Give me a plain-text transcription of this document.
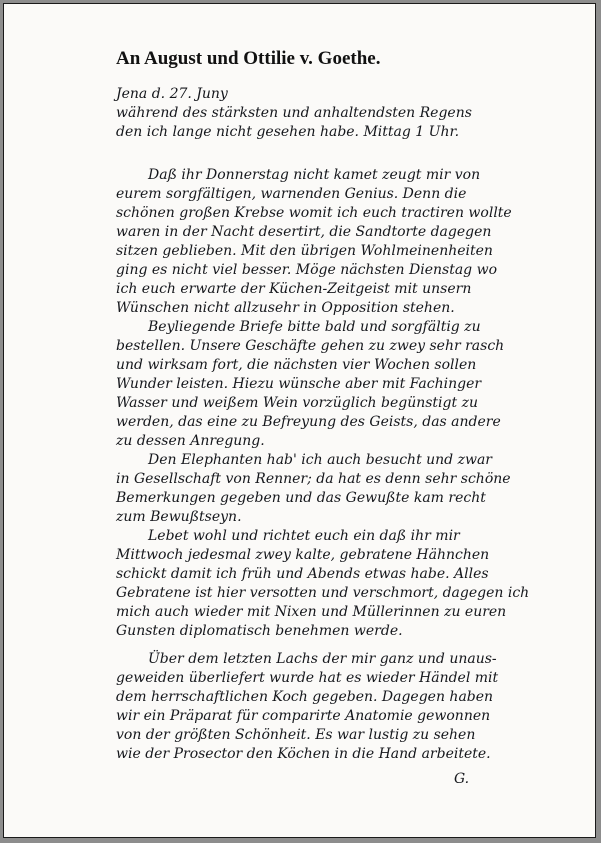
An August und Ottilie v. Goethe.
Jena d. 27. Juny
während des stärksten und anhaltendsten Regens
den ich lange nicht gesehen habe. Mittag 1 Uhr.
Daß ihr Donnerstag nicht kamet zeugt mir von
eurem sorgfältigen, warnenden Genius. Denn die
schönen großen Krebse womit ich euch tractiren wollte
waren in der Nacht desertirt, die Sandtorte dagegen
sitzen geblieben. Mit den übrigen Wohlmeinenheiten
ging es nicht viel besser. Möge nächsten Dienstag wo
ich euch erwarte der Küchen-Zeitgeist mit unsern
Wünschen nicht allzusehr in Opposition stehen.
Beyliegende Briefe bitte bald und sorgfältig zu
bestellen. Unsere Geschäfte gehen zu zwey sehr rasch
und wirksam fort, die nächsten vier Wochen sollen
Wunder leisten. Hiezu wünsche aber mit Fachinger
Wasser und weißem Wein vorzüglich begünstigt zu
werden, das eine zu Befreyung des Geists, das andere
zu dessen Anregung.
Den Elephanten hab' ich auch besucht und zwar
in Gesellschaft von Renner; da hat es denn sehr schöne
Bemerkungen gegeben und das Gewußte kam recht
zum Bewußtseyn.
Lebet wohl und richtet euch ein daß ihr mir
Mittwoch jedesmal zwey kalte, gebratene Hähnchen
schickt damit ich früh und Abends etwas habe. Alles
Gebratene ist hier versotten und verschmort, dagegen ich
mich auch wieder mit Nixen und Müllerinnen zu euren
Gunsten diplomatisch benehmen werde.
Über dem letzten Lachs der mir ganz und unaus-
geweiden überliefert wurde hat es wieder Händel mit
dem herrschaftlichen Koch gegeben. Dagegen haben
wir ein Präparat für comparirte Anatomie gewonnen
von der größten Schönheit. Es war lustig zu sehen
wie der Prosector den Köchen in die Hand arbeitete.
G.
